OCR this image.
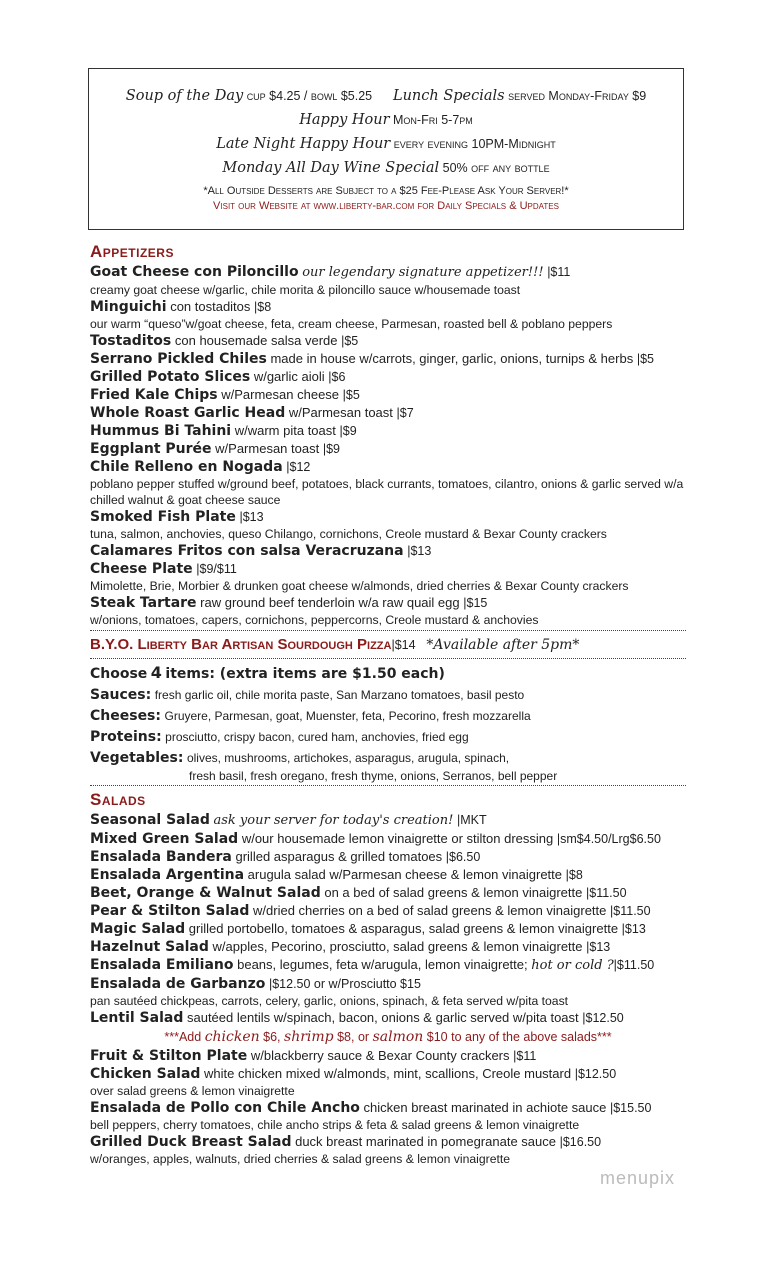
Soup of the Day cup $4.25 / bowl $5.25 Lunch Specials served Monday-Friday $9
Happy Hour Mon-Fri 5-7pm
Late Night Happy Hour every evening 10PM-Midnight
Monday All Day Wine Special 50% off any bottle
*All Outside Desserts are Subject to a $25 Fee-Please Ask Your Server!*
Visit our Website at www.liberty-bar.com for Daily Specials & Updates
Appetizers
Goat Cheese con Piloncillo our legendary signature appetizer!!! |$11
creamy goat cheese w/garlic, chile morita & piloncillo sauce w/housemade toast
Minguichi con tostaditos |$8
our warm “queso”w/goat cheese, feta, cream cheese, Parmesan, roasted bell & poblano peppers
Tostaditos con housemade salsa verde |$5
Serrano Pickled Chiles made in house w/carrots, ginger, garlic, onions, turnips & herbs |$5
Grilled Potato Slices w/garlic aioli |$6
Fried Kale Chips w/Parmesan cheese |$5
Whole Roast Garlic Head w/Parmesan toast |$7
Hummus Bi Tahini w/warm pita toast |$9
Eggplant Purée w/Parmesan toast |$9
Chile Relleno en Nogada |$12
poblano pepper stuffed w/ground beef, potatoes, black currants, tomatoes, cilantro, onions & garlic served w/a chilled walnut & goat cheese sauce
Smoked Fish Plate |$13
tuna, salmon, anchovies, queso Chilango, cornichons, Creole mustard & Bexar County crackers
Calamares Fritos con salsa Veracruzana |$13
Cheese Plate |$9/$11
Mimolette, Brie, Morbier & drunken goat cheese w/almonds, dried cherries & Bexar County crackers
Steak Tartare raw ground beef tenderloin w/a raw quail egg |$15
w/onions, tomatoes, capers, cornichons, peppercorns, Creole mustard & anchovies
B.Y.O. Liberty Bar Artisan Sourdough Pizza|$14 *Available after 5pm*
Choose 4 items: (extra items are $1.50 each)
Sauces: fresh garlic oil, chile morita paste, San Marzano tomatoes, basil pesto
Cheeses: Gruyere, Parmesan, goat, Muenster, feta, Pecorino, fresh mozzarella
Proteins: prosciutto, crispy bacon, cured ham, anchovies, fried egg
Vegetables: olives, mushrooms, artichokes, asparagus, arugula, spinach,
fresh basil, fresh oregano, fresh thyme, onions, Serranos, bell pepper
Salads
Seasonal Salad ask your server for today's creation! |MKT
Mixed Green Salad w/our housemade lemon vinaigrette or stilton dressing |sm$4.50/Lrg$6.50
Ensalada Bandera grilled asparagus & grilled tomatoes |$6.50
Ensalada Argentina arugula salad w/Parmesan cheese & lemon vinaigrette |$8
Beet, Orange & Walnut Salad on a bed of salad greens & lemon vinaigrette |$11.50
Pear & Stilton Salad w/dried cherries on a bed of salad greens & lemon vinaigrette |$11.50
Magic Salad grilled portobello, tomatoes & asparagus, salad greens & lemon vinaigrette |$13
Hazelnut Salad w/apples, Pecorino, prosciutto, salad greens & lemon vinaigrette |$13
Ensalada Emiliano beans, legumes, feta w/arugula, lemon vinaigrette; hot or cold ?|$11.50
Ensalada de Garbanzo |$12.50 or w/Prosciutto $15
pan sautéed chickpeas, carrots, celery, garlic, onions, spinach, & feta served w/pita toast
Lentil Salad sautéed lentils w/spinach, bacon, onions & garlic served w/pita toast |$12.50
***Add chicken $6, shrimp $8, or salmon $10 to any of the above salads***
Fruit & Stilton Plate w/blackberry sauce & Bexar County crackers |$11
Chicken Salad white chicken mixed w/almonds, mint, scallions, Creole mustard |$12.50
over salad greens & lemon vinaigrette
Ensalada de Pollo con Chile Ancho chicken breast marinated in achiote sauce |$15.50
bell peppers, cherry tomatoes, chile ancho strips & feta & salad greens & lemon vinaigrette
Grilled Duck Breast Salad duck breast marinated in pomegranate sauce |$16.50
w/oranges, apples, walnuts, dried cherries & salad greens & lemon vinaigrette
menupix
